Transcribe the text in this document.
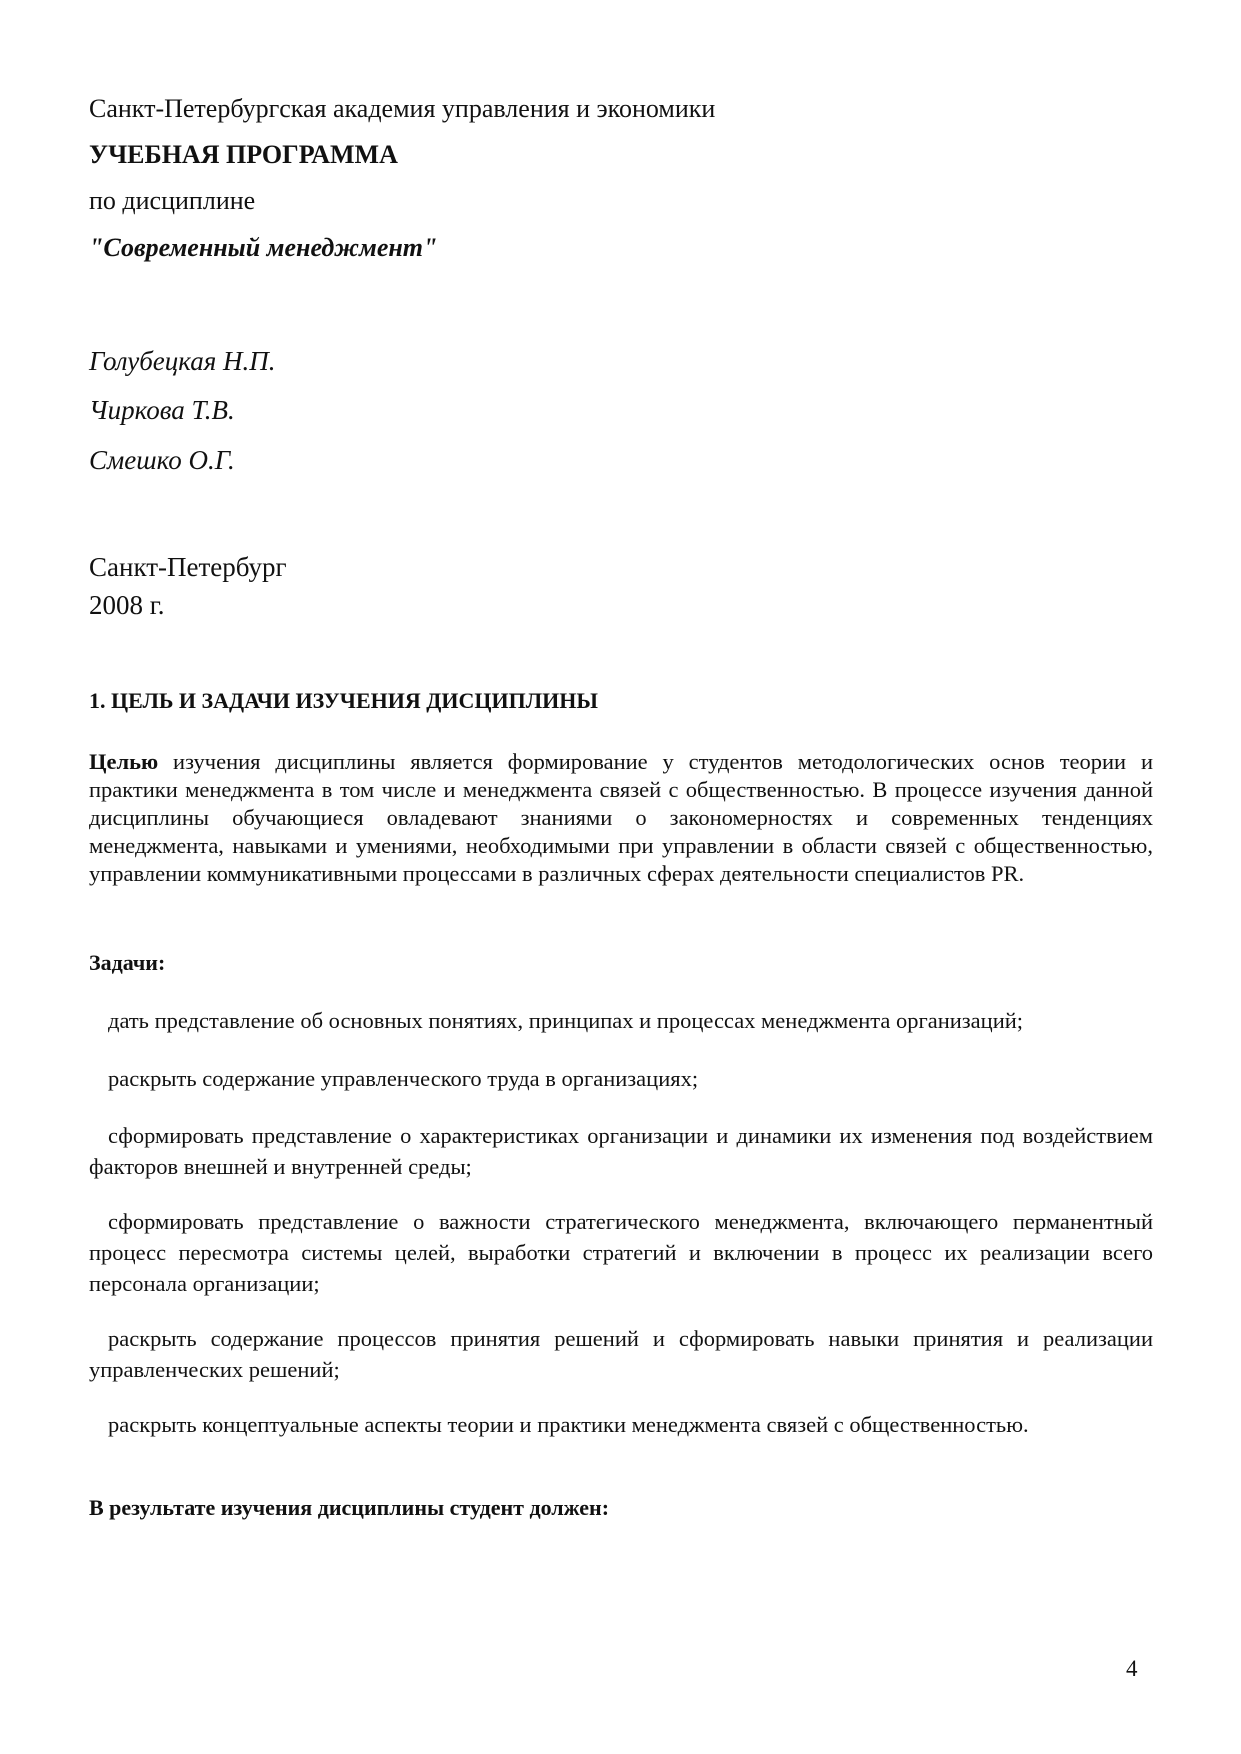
Санкт-Петербургская академия управления и экономики

УЧЕБНАЯ ПРОГРАММА

по дисциплине

"Современный менеджмент"

Голубецкая Н.П.

Чиркова Т.В.

Смешко О.Г.

Санкт-Петербург

2008 г.

1. ЦЕЛЬ И ЗАДАЧИ ИЗУЧЕНИЯ ДИСЦИПЛИНЫ

Целью изучения дисциплины является формирование у студентов методологических основ теории и практики менеджмента в том числе и менеджмента связей с общественностью. В процессе изучения данной дисциплины обучающиеся овладевают знаниями о закономерностях и современных тенденциях менеджмента, навыками и умениями, необходимыми при управлении в области связей с общественностью, управлении коммуникативными процессами в различных сферах деятельности специалистов PR.

Задачи:

дать представление об основных понятиях, принципах и процессах менеджмента организаций;

раскрыть содержание управленческого труда в организациях;

сформировать представление о характеристиках организации и динамики их изменения под воздействием факторов внешней и внутренней среды;

сформировать представление о важности стратегического менеджмента, включающего перманентный процесс пересмотра системы целей, выработки стратегий и включении в процесс их реализации всего персонала организации;

раскрыть содержание процессов принятия решений и сформировать навыки принятия и реализации управленческих решений;

раскрыть концептуальные аспекты теории и практики менеджмента связей с общественностью.

В результате изучения дисциплины студент должен:

4
